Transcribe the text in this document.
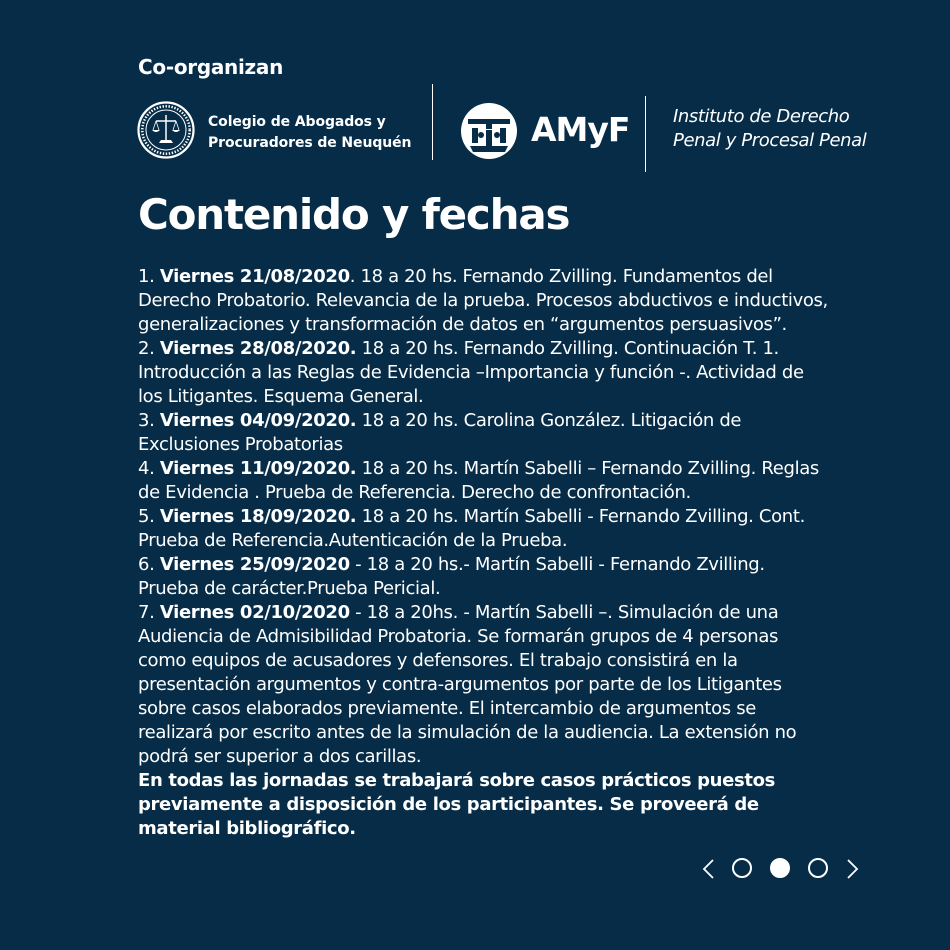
Co-organizan
Colegio de Abogados y
Procuradores de Neuquén	AMyF Instituto de Derecho
Penal y Procesal Penal
Contenido y fechas

1. Viernes 21/08/2020. 18 a 20 hs. Fernando Zvilling. Fundamentos del Derecho Probatorio. Relevancia de la prueba. Procesos abductivos e inductivos, generalizaciones y transformación de datos en “argumentos persuasivos”.

2. Viernes 28/08/2020. 18 a 20 hs. Fernando Zvilling. Continuación T. 1. Introducción a las Reglas de Evidencia –Importancia y función -. Actividad de los Litigantes. Esquema General.

3. Viernes 04/09/2020. 18 a 20 hs. Carolina González. Litigación de Exclusiones Probatorias

4. Viernes 11/09/2020. 18 a 20 hs. Martín Sabelli – Fernando Zvilling. Reglas de Evidencia . Prueba de Referencia. Derecho de confrontación.

5. Viernes 18/09/2020. 18 a 20 hs. Martín Sabelli - Fernando Zvilling. Cont. Prueba de Referencia.Autenticación de la Prueba.

6. Viernes 25/09/2020 - 18 a 20 hs.- Martín Sabelli - Fernando Zvilling. Prueba de carácter.Prueba Pericial.

7. Viernes 02/10/2020 - 18 a 20hs. - Martín Sabelli –. Simulación de una Audiencia de Admisibilidad Probatoria. Se formarán grupos de 4 personas como equipos de acusadores y defensores. El trabajo consistirá en la presentación argumentos y contra-argumentos por parte de los Litigantes sobre casos elaborados previamente. El intercambio de argumentos se realizará por escrito antes de la simulación de la audiencia. La extensión no podrá ser superior a dos carillas.

En todas las jornadas se trabajará sobre casos prácticos puestos previamente a disposición de los participantes. Se proveerá de material bibliográfico.
